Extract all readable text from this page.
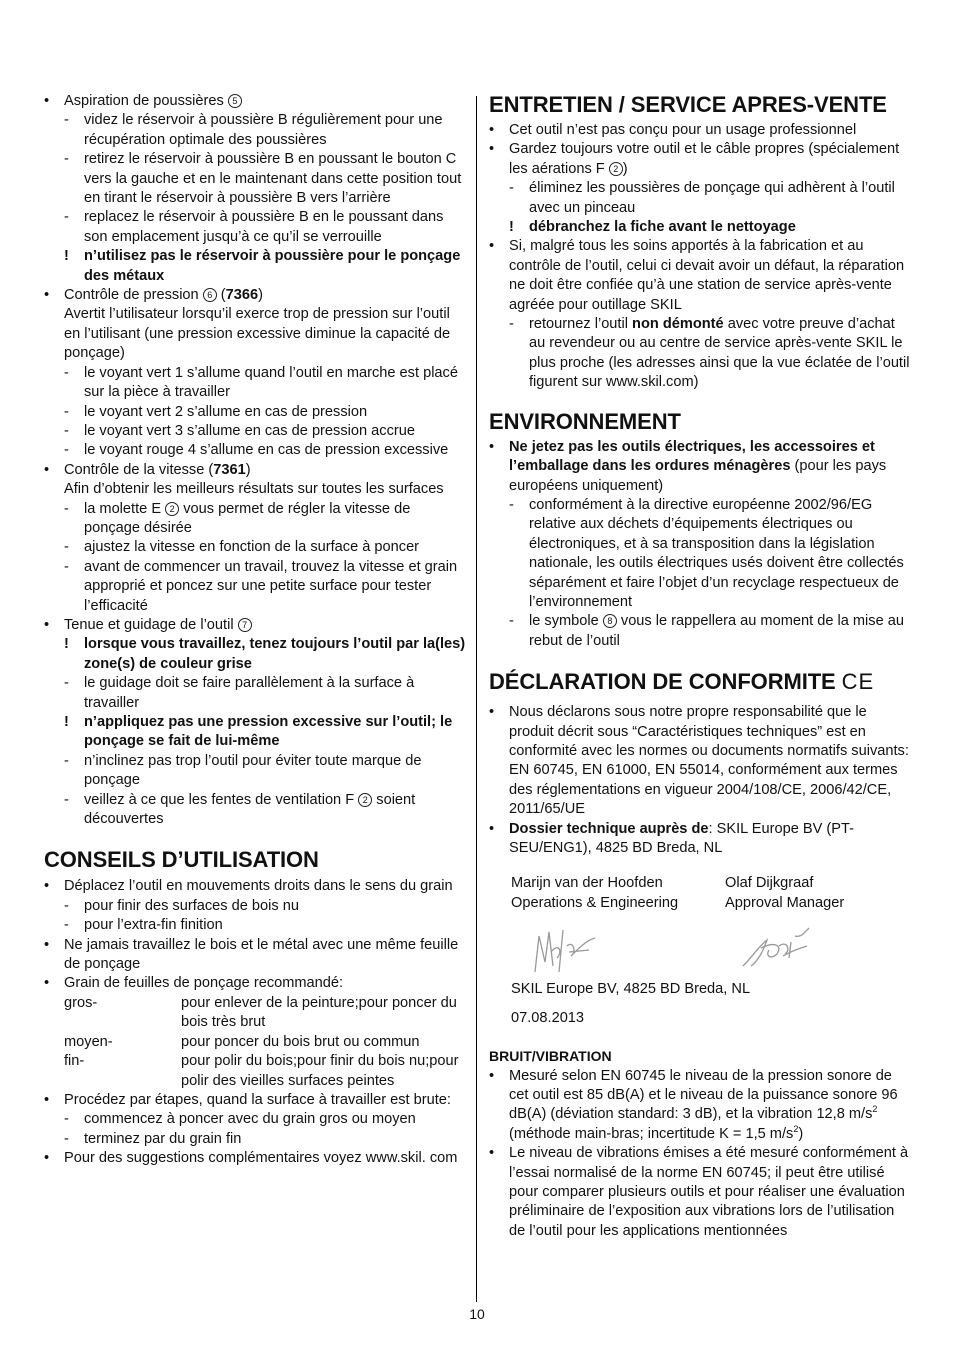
• Aspiration de poussières 5
- videz le réservoir à poussière B régulièrement pour une récupération optimale des poussières
- retirez le réservoir à poussière B en poussant le bouton C vers la gauche et en le maintenant dans cette position tout en tirant le réservoir à poussière B vers l’arrière
- replacez le réservoir à poussière B en le poussant dans son emplacement jusqu’à ce qu’il se verrouille
! n’utilisez pas le réservoir à poussière pour le ponçage des métaux
• Contrôle de pression 6 (7366)
Avertit l’utilisateur lorsqu’il exerce trop de pression sur l’outil en l’utilisant (une pression excessive diminue la capacité de ponçage)
- le voyant vert 1 s’allume quand l’outil en marche est placé sur la pièce à travailler
- le voyant vert 2 s’allume en cas de pression
- le voyant vert 3 s’allume en cas de pression accrue
- le voyant rouge 4 s’allume en cas de pression excessive
• Contrôle de la vitesse (7361)
Afin d’obtenir les meilleurs résultats sur toutes les surfaces
- la molette E 2 vous permet de régler la vitesse de ponçage désirée
- ajustez la vitesse en fonction de la surface à poncer
- avant de commencer un travail, trouvez la vitesse et grain approprié et poncez sur une petite surface pour tester l’efficacité
• Tenue et guidage de l’outil 7
! lorsque vous travaillez, tenez toujours l’outil par la(les) zone(s) de couleur grise
- le guidage doit se faire parallèlement à la surface à travailler
! n’appliquez pas une pression excessive sur l’outil; le ponçage se fait de lui-même
- n’inclinez pas trop l’outil pour éviter toute marque de ponçage
- veillez à ce que les fentes de ventilation F 2 soient découvertes
CONSEILS D’UTILISATION
• Déplacez l’outil en mouvements droits dans le sens du grain
- pour finir des surfaces de bois nu
- pour l’extra-fin finition
• Ne jamais travaillez le bois et le métal avec une même feuille de ponçage
• Grain de feuilles de ponçage recommandé:
gros-	pour enlever de la peinture;pour poncer du bois très brut
moyen-	pour poncer du bois brut ou commun
fin-	pour polir du bois;pour finir du bois nu;pour polir des vieilles surfaces peintes
• Procédez par étapes, quand la surface à travailler est brute:
- commencez à poncer avec du grain gros ou moyen
- terminez par du grain fin
• Pour des suggestions complémentaires voyez www.skil. com
ENTRETIEN / SERVICE APRES-VENTE
• Cet outil n’est pas conçu pour un usage professionnel
• Gardez toujours votre outil et le câble propres (spécialement les aérations F 2 )
- éliminez les poussières de ponçage qui adhèrent à l’outil avec un pinceau
! débranchez la fiche avant le nettoyage
• Si, malgré tous les soins apportés à la fabrication et au contrôle de l’outil, celui ci devait avoir un défaut, la réparation ne doit être confiée qu’à une station de service après-vente agréée pour outillage SKIL
- retournez l’outil non démonté avec votre preuve d’achat au revendeur ou au centre de service après-vente SKIL le plus proche (les adresses ainsi que la vue éclatée de l’outil figurent sur www.skil.com)
ENVIRONNEMENT
• Ne jetez pas les outils électriques, les accessoires et l’emballage dans les ordures ménagères (pour les pays européens uniquement)
- conformément à la directive européenne 2002/96/EG relative aux déchets d’équipements électriques ou électroniques, et à sa transposition dans la législation nationale, les outils électriques usés doivent être collectés séparément et faire l’objet d’un recyclage respectueux de l’environnement
- le symbole 8 vous le rappellera au moment de la mise au rebut de l’outil
DÉCLARATION DE CONFORMITE CE
• Nous déclarons sous notre propre responsabilité que le produit décrit sous “Caractéristiques techniques” est en conformité avec les normes ou documents normatifs suivants: EN 60745, EN 61000, EN 55014, conformément aux termes des réglementations en vigueur 2004/108/CE, 2006/42/CE, 2011/65/UE
• Dossier technique auprès de: SKIL Europe BV (PT-SEU/ENG1), 4825 BD Breda, NL
Marijn van der Hoofden
Operations & Engineering
Olaf Dijkgraaf
Approval Manager
SKIL Europe BV, 4825 BD Breda, NL
07.08.2013
BRUIT/VIBRATION
• Mesuré selon EN 60745 le niveau de la pression sonore de cet outil est 85 dB(A) et le niveau de la puissance sonore 96 dB(A) (déviation standard: 3 dB), et la vibration 12,8 $m/s^2$ (méthode main-bras; incertitude K = 1,5 $m/s^2$)
• Le niveau de vibrations émises a été mesuré conformément à l’essai normalisé de la norme EN 60745; il peut être utilisé pour comparer plusieurs outils et pour réaliser une évaluation préliminaire de l’exposition aux vibrations lors de l’utilisation de l’outil pour les applications mentionnées
10
